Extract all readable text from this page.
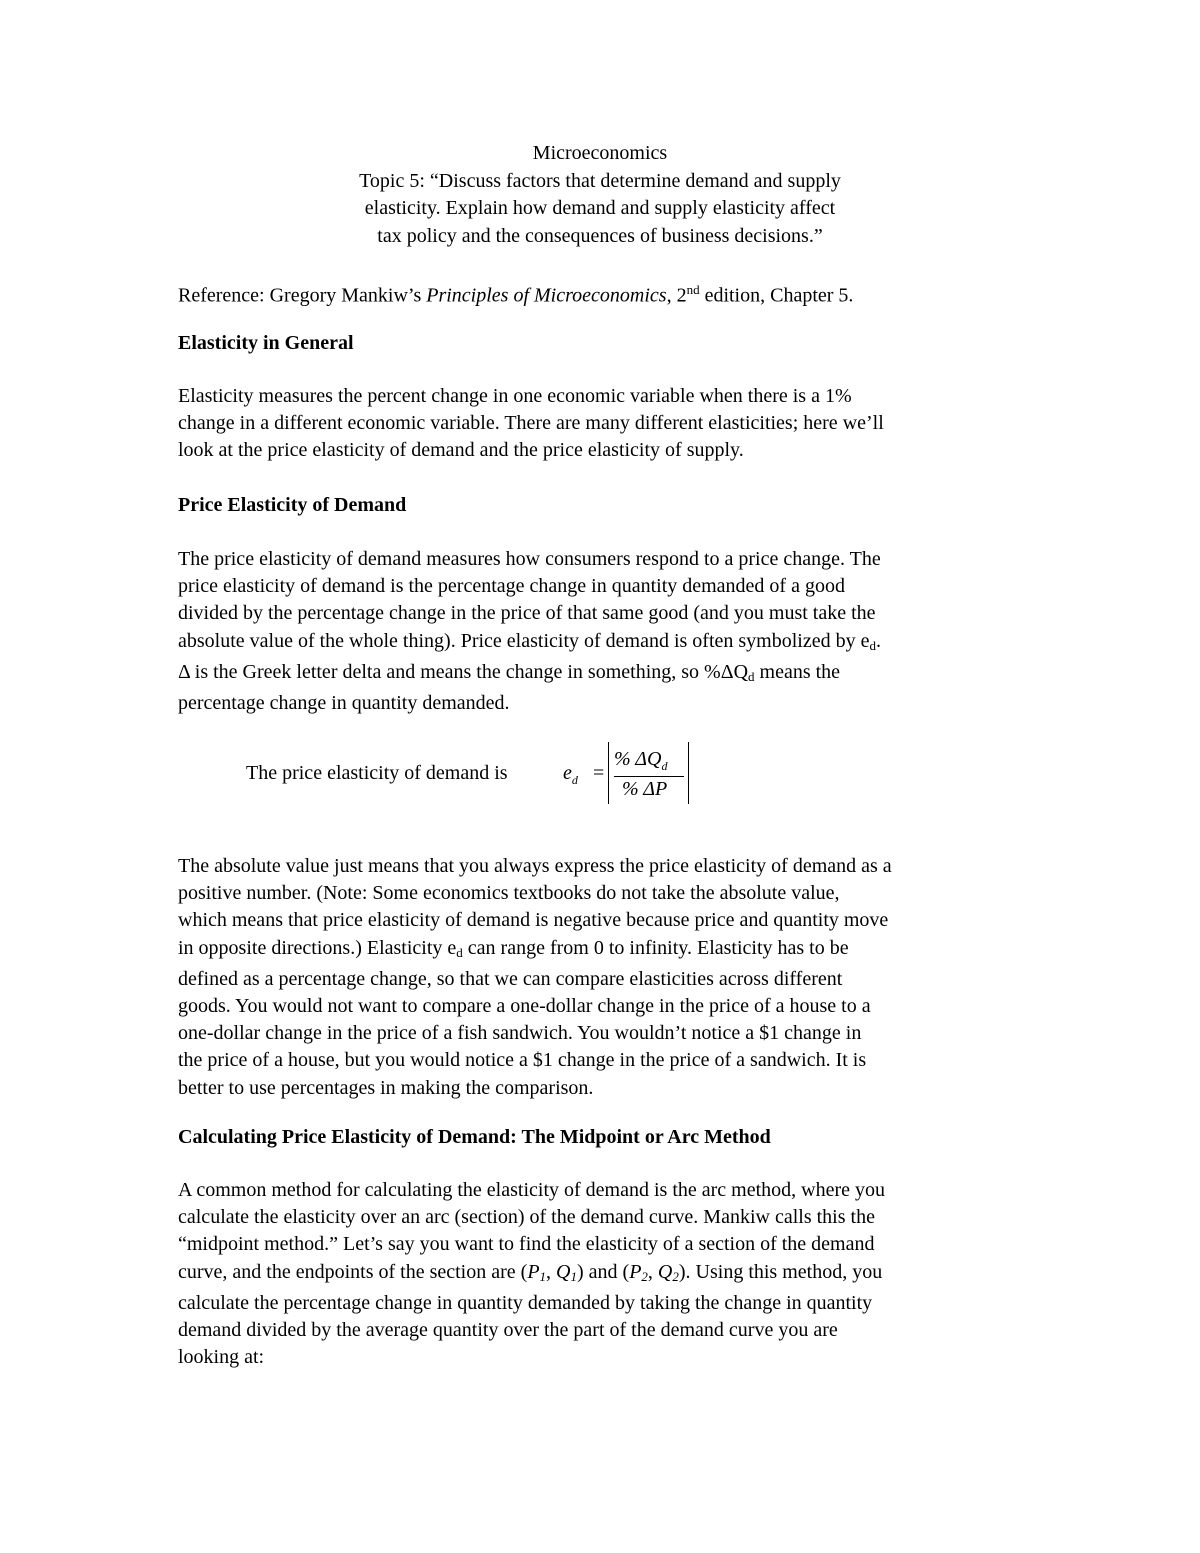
Microeconomics
Topic 5: “Discuss factors that determine demand and supply
elasticity. Explain how demand and supply elasticity affect
tax policy and the consequences of business decisions.”
Reference: Gregory Mankiw’s Principles of Microeconomics, 2nd edition, Chapter 5.
Elasticity in General
Elasticity measures the percent change in one economic variable when there is a 1%
change in a different economic variable. There are many different elasticities; here we’ll
look at the price elasticity of demand and the price elasticity of supply.
Price Elasticity of Demand
The price elasticity of demand measures how consumers respond to a price change. The
price elasticity of demand is the percentage change in quantity demanded of a good
divided by the percentage change in the price of that same good (and you must take the
absolute value of the whole thing). Price elasticity of demand is often symbolized by $e_d$.
Δ is the Greek letter delta and means the change in something, so $\%\Delta Q_d$ means the
percentage change in quantity demanded.
The price elasticity of demand is	$e_d$ =
% $\Delta Q_d$
% ΔP
The absolute value just means that you always express the price elasticity of demand as a
positive number. (Note: Some economics textbooks do not take the absolute value,
which means that price elasticity of demand is negative because price and quantity move
in opposite directions.) Elasticity $e_d$ can range from 0 to infinity. Elasticity has to be
defined as a percentage change, so that we can compare elasticities across different
goods. You would not want to compare a one-dollar change in the price of a house to a
one-dollar change in the price of a fish sandwich. You wouldn’t notice a $1 change in
the price of a house, but you would notice a $1 change in the price of a sandwich. It is
better to use percentages in making the comparison.
Calculating Price Elasticity of Demand: The Midpoint or Arc Method
A common method for calculating the elasticity of demand is the arc method, where you
calculate the elasticity over an arc (section) of the demand curve. Mankiw calls this the
“midpoint method.” Let’s say you want to find the elasticity of a section of the demand
curve, and the endpoints of the section are ($P_1$, $Q_1$) and ($P_2$, $Q_2$). Using this method, you
calculate the percentage change in quantity demanded by taking the change in quantity
demand divided by the average quantity over the part of the demand curve you are
looking at:
